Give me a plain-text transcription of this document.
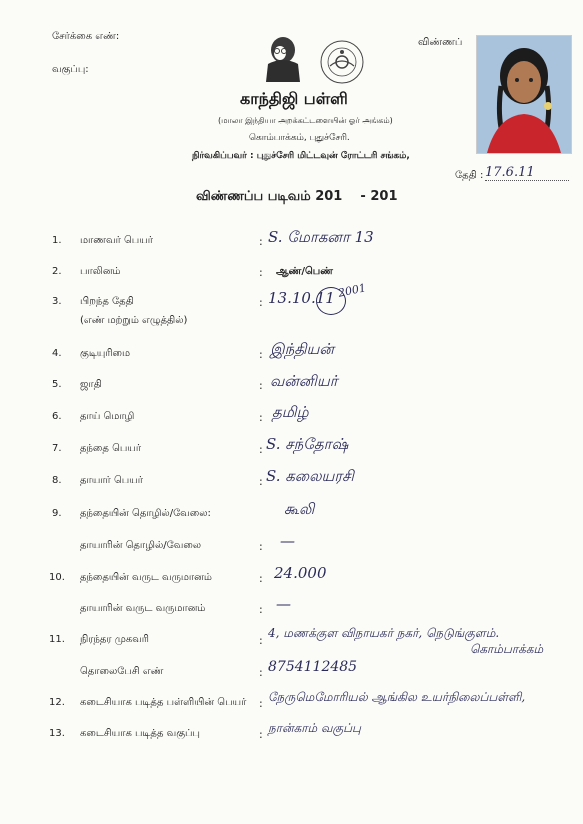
சேர்க்கை எண்:
வகுப்பு:
விண்ணப்
காந்திஜி பள்ளி
(மாலா இந்தியா அறக்கட்டளையின் ஓர் அங்கம்)
கொம்பாக்கம், புதுச்சேரி.
நிர்வகிப்பவர் : புதுச்சேரி மிட்டவுன் ரோட்டரி சங்கம்,
தேதி : 17.6.11
விண்ணப்ப படிவம் 201    - 201
1. மாணவர் பெயர்	: S. மோகனா 13
2. பாலினம்	: ஆண்/பெண்
3. பிறந்த தேதி
(எண் மற்றும் எழுத்தில்)
: 13.10.11 2001
4. குடியுரிமை	: இந்தியன்
5. ஜாதி	: வன்னியர்
6. தாய் மொழி	: தமிழ்
7. தந்தை பெயர்	: S. சந்தோஷ்
8. தாயார் பெயர்	: S. கலையரசி
9. தந்தையின் தொழில்/வேலை:	கூலி
தாயாரின் தொழில்/வேலை	: —
10. தந்தையின் வருட வருமானம்	: 24.000
தாயாரின் வருட வருமானம்	: —
11. நிரந்தர முகவரி	:
4, மணக்குள விநாயகர் நகர், நெடுங்குளம்.
கொம்பாக்கம்
தொலைபேசி எண்	: 8754112485
12. கடைசியாக படித்த பள்ளியின் பெயர் : நேருமெமோரியல் ஆங்கில உயர்நிலைப்பள்ளி,
13. கடைசியாக படித்த வகுப்பு	: நான்காம் வகுப்பு
